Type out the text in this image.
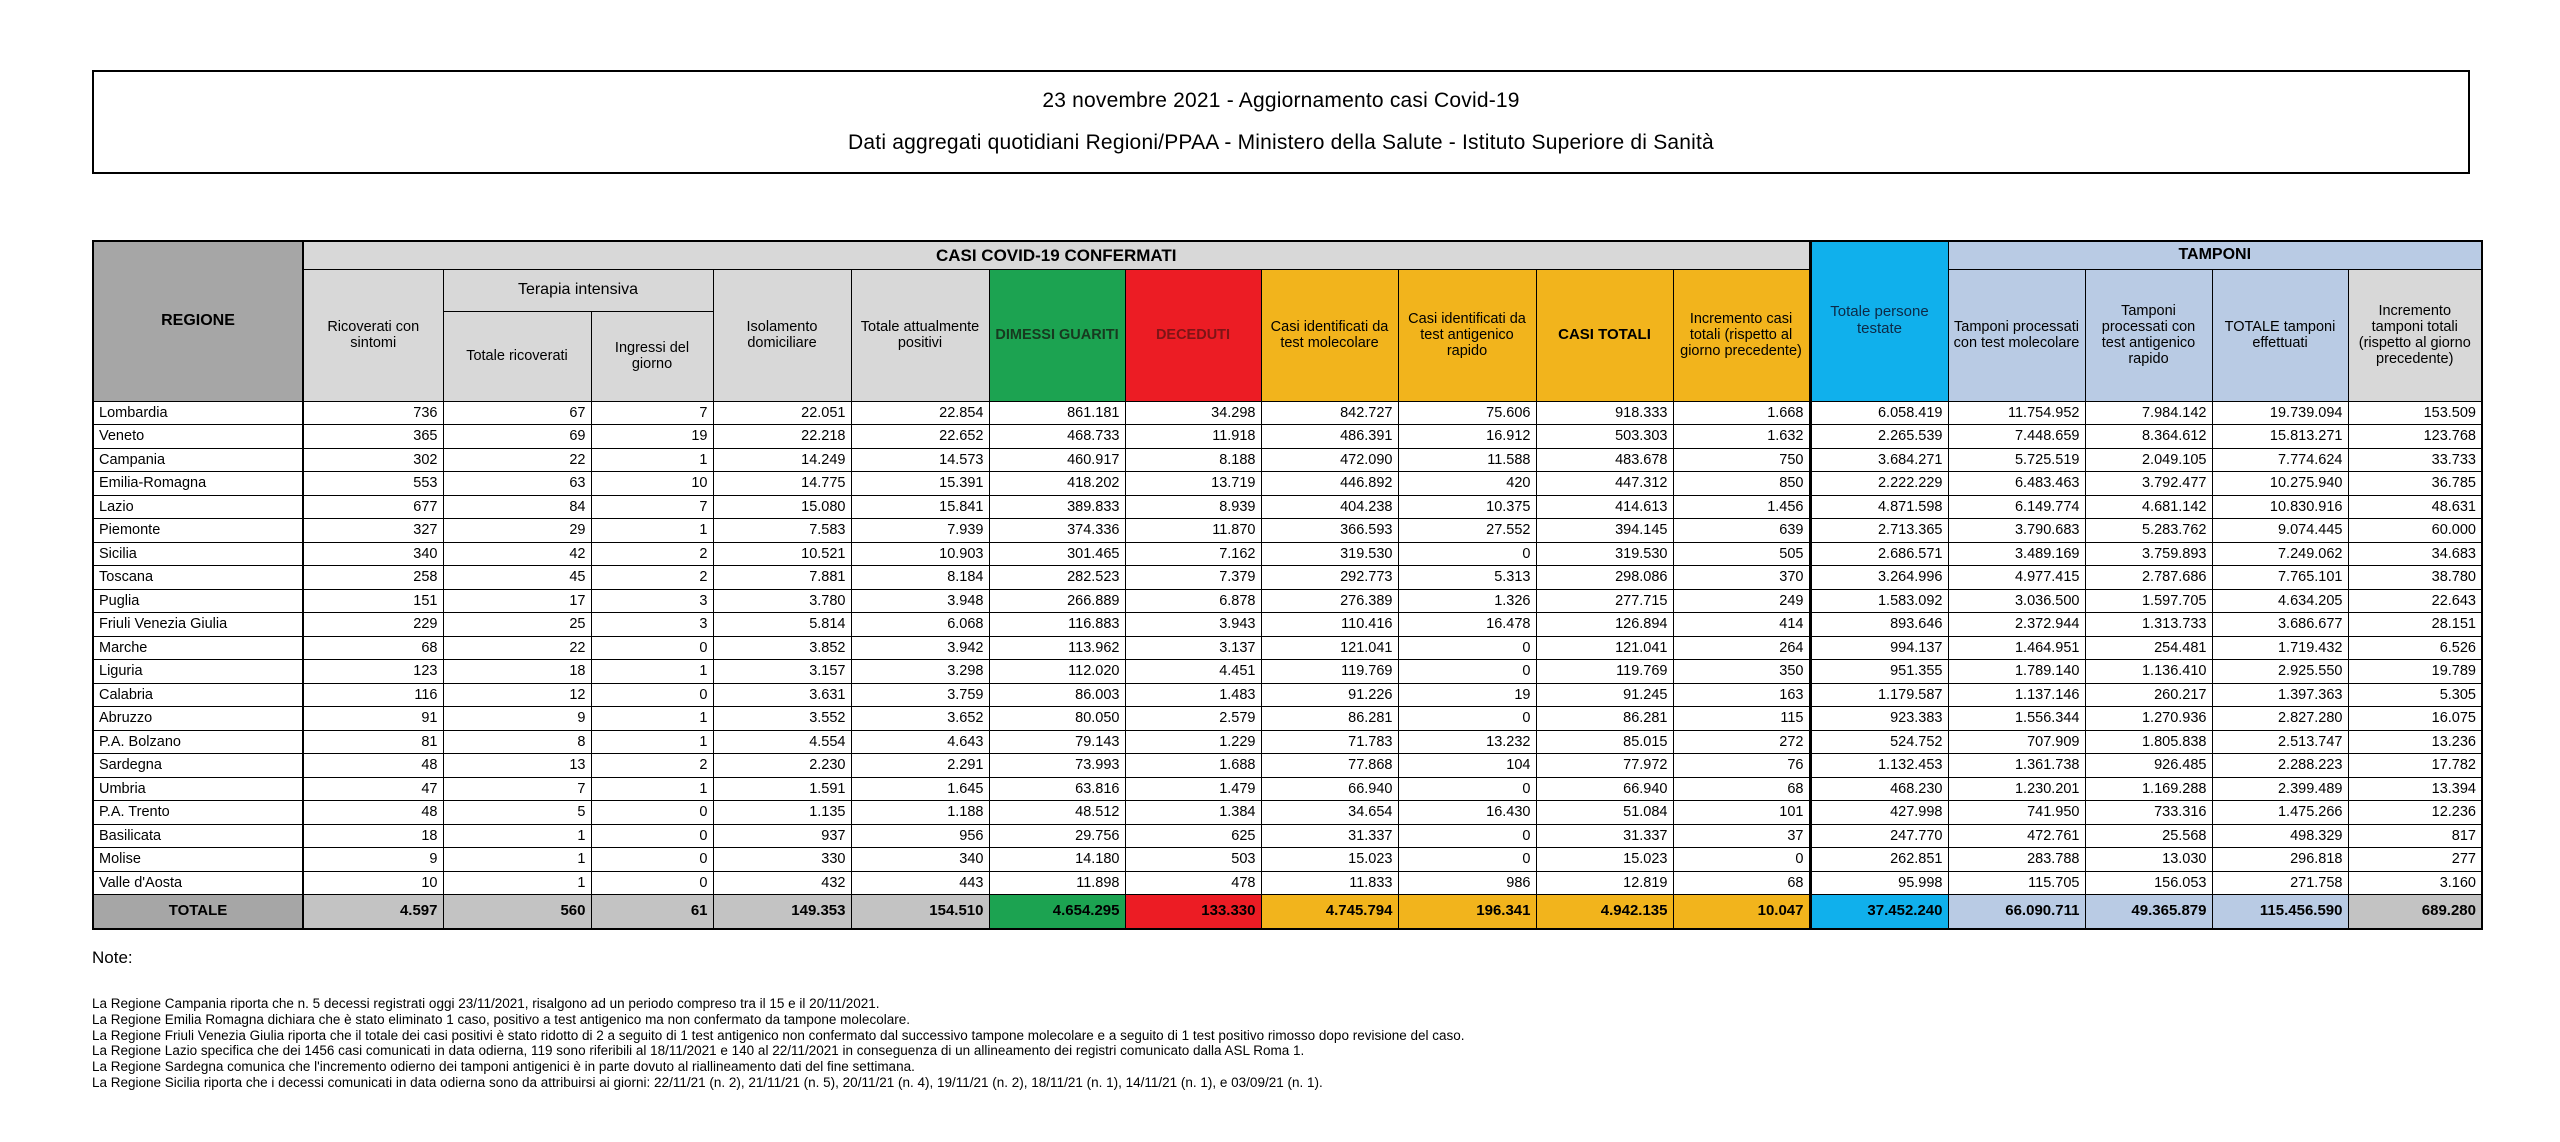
23 novembre 2021 - Aggiornamento casi Covid-19
Dati aggregati quotidiani Regioni/PPAA - Ministero della Salute - Istituto Superiore di Sanità
REGIONE	CASI COVID-19 CONFERMATI											Totale persone testate	TAMPONI			
	Ricoverati con sintomi	Terapia intensiva		Isolamento domiciliare	Totale attualmente positivi	DIMESSI GUARITI	DECEDUTI	Casi identificati da test molecolare	Casi identificati da test antigenico rapido	CASI TOTALI	Incremento casi totali (rispetto al giorno precedente)		Tamponi processati con test molecolare	Tamponi processati con test antigenico rapido	TOTALE tamponi effettuati	Incremento tamponi totali (rispetto al giorno precedente)
		Totale ricoverati	Ingressi del giorno													
Lombardia	736	67	7	22.051	22.854	861.181	34.298	842.727	75.606	918.333	1.668	6.058.419	11.754.952	7.984.142	19.739.094	153.509
Veneto	365	69	19	22.218	22.652	468.733	11.918	486.391	16.912	503.303	1.632	2.265.539	7.448.659	8.364.612	15.813.271	123.768
Campania	302	22	1	14.249	14.573	460.917	8.188	472.090	11.588	483.678	750	3.684.271	5.725.519	2.049.105	7.774.624	33.733
Emilia-Romagna	553	63	10	14.775	15.391	418.202	13.719	446.892	420	447.312	850	2.222.229	6.483.463	3.792.477	10.275.940	36.785
Lazio	677	84	7	15.080	15.841	389.833	8.939	404.238	10.375	414.613	1.456	4.871.598	6.149.774	4.681.142	10.830.916	48.631
Piemonte	327	29	1	7.583	7.939	374.336	11.870	366.593	27.552	394.145	639	2.713.365	3.790.683	5.283.762	9.074.445	60.000
Sicilia	340	42	2	10.521	10.903	301.465	7.162	319.530	0	319.530	505	2.686.571	3.489.169	3.759.893	7.249.062	34.683
Toscana	258	45	2	7.881	8.184	282.523	7.379	292.773	5.313	298.086	370	3.264.996	4.977.415	2.787.686	7.765.101	38.780
Puglia	151	17	3	3.780	3.948	266.889	6.878	276.389	1.326	277.715	249	1.583.092	3.036.500	1.597.705	4.634.205	22.643
Friuli Venezia Giulia	229	25	3	5.814	6.068	116.883	3.943	110.416	16.478	126.894	414	893.646	2.372.944	1.313.733	3.686.677	28.151
Marche	68	22	0	3.852	3.942	113.962	3.137	121.041	0	121.041	264	994.137	1.464.951	254.481	1.719.432	6.526
Liguria	123	18	1	3.157	3.298	112.020	4.451	119.769	0	119.769	350	951.355	1.789.140	1.136.410	2.925.550	19.789
Calabria	116	12	0	3.631	3.759	86.003	1.483	91.226	19	91.245	163	1.179.587	1.137.146	260.217	1.397.363	5.305
Abruzzo	91	9	1	3.552	3.652	80.050	2.579	86.281	0	86.281	115	923.383	1.556.344	1.270.936	2.827.280	16.075
P.A. Bolzano	81	8	1	4.554	4.643	79.143	1.229	71.783	13.232	85.015	272	524.752	707.909	1.805.838	2.513.747	13.236
Sardegna	48	13	2	2.230	2.291	73.993	1.688	77.868	104	77.972	76	1.132.453	1.361.738	926.485	2.288.223	17.782
Umbria	47	7	1	1.591	1.645	63.816	1.479	66.940	0	66.940	68	468.230	1.230.201	1.169.288	2.399.489	13.394
P.A. Trento	48	5	0	1.135	1.188	48.512	1.384	34.654	16.430	51.084	101	427.998	741.950	733.316	1.475.266	12.236
Basilicata	18	1	0	937	956	29.756	625	31.337	0	31.337	37	247.770	472.761	25.568	498.329	817
Molise	9	1	0	330	340	14.180	503	15.023	0	15.023	0	262.851	283.788	13.030	296.818	277
Valle d'Aosta	10	1	0	432	443	11.898	478	11.833	986	12.819	68	95.998	115.705	156.053	271.758	3.160
TOTALE	4.597	560	61	149.353	154.510	4.654.295	133.330	4.745.794	196.341	4.942.135	10.047	37.452.240	66.090.711	49.365.879	115.456.590	689.280

Note:

La Regione Campania riporta che n. 5 decessi registrati oggi 23/11/2021, risalgono ad un periodo compreso tra il 15 e il 20/11/2021.
La Regione Emilia Romagna dichiara che è stato eliminato 1 caso, positivo a test antigenico ma non confermato da tampone molecolare.
La Regione Friuli Venezia Giulia riporta che il totale dei casi positivi è stato ridotto di 2 a seguito di 1 test antigenico non confermato dal successivo tampone molecolare e a seguito di 1 test positivo rimosso dopo revisione del caso.
La Regione Lazio specifica che dei 1456 casi comunicati in data odierna, 119 sono riferibili al 18/11/2021 e 140 al 22/11/2021 in conseguenza di un allineamento dei registri comunicato dalla ASL Roma 1.
La Regione Sardegna comunica che l'incremento odierno dei tamponi antigenici è in parte dovuto al riallineamento dati del fine settimana.
La Regione Sicilia riporta che i decessi comunicati in data odierna sono da attribuirsi ai giorni: 22/11/21 (n. 2), 21/11/21 (n. 5), 20/11/21 (n. 4), 19/11/21 (n. 2), 18/11/21 (n. 1), 14/11/21 (n. 1), e 03/09/21 (n. 1).
